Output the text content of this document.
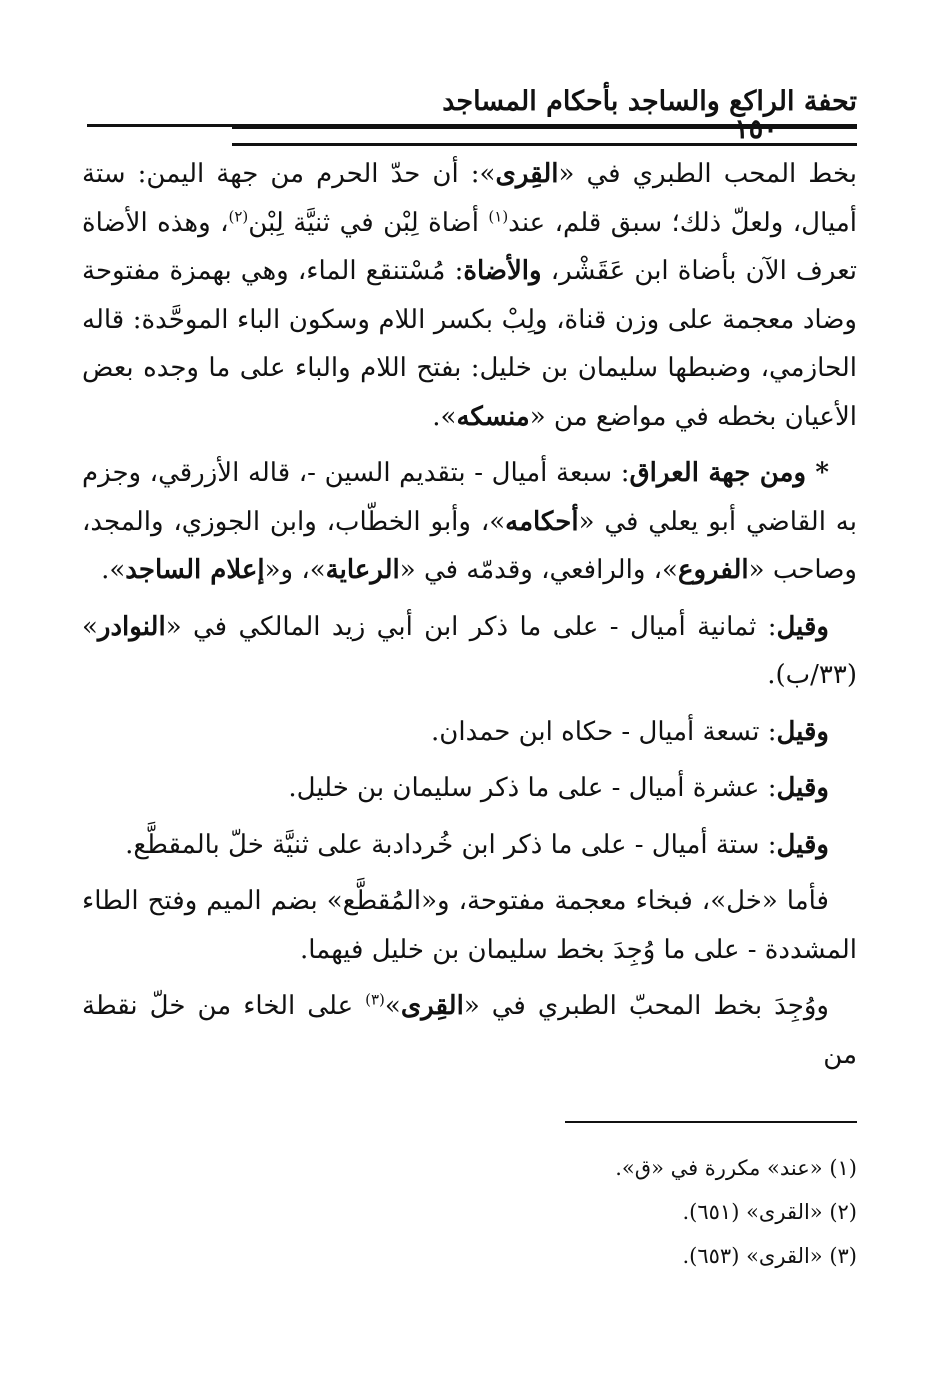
تحفة الراكع والساجد بأحكام المساجد
١٥٠

بخط المحب الطبري في «القِرى»: أن حدّ الحرم من جهة اليمن: ستة أميال، ولعلّ ذلك؛ سبق قلم، عند$^{(١)}$ أضاة لِبْن في ثنيَّة لِبْن$^{(٢)}$، وهذه الأضاة تعرف الآن بأضاة ابن عَقَشْر، والأضاة: مُسْتنقع الماء، وهي بهمزة مفتوحة وضاد معجمة على وزن قناة، ولِبْ بكسر اللام وسكون الباء الموحَّدة: قاله الحازمي، وضبطها سليمان بن خليل: بفتح اللام والباء على ما وجده بعض الأعيان بخطه في مواضع من «منسكه».

* ومن جهة العراق: سبعة أميال - بتقديم السين -، قاله الأزرقي، وجزم به القاضي أبو يعلي في «أحكامه»، وأبو الخطّاب، وابن الجوزي، والمجد، وصاحب «الفروع»، والرافعي، وقدمّه في «الرعاية»، و«إعلام الساجد».

وقيل: ثمانية أميال - على ما ذكر ابن أبي زيد المالكي في «النوادر» (٣٣/ب).

وقيل: تسعة أميال - حكاه ابن حمدان.

وقيل: عشرة أميال - على ما ذكر سليمان بن خليل.

وقيل: ستة أميال - على ما ذكر ابن خُردادبة على ثنيَّة خلّ بالمقطَّع.

فأما «خل»، فبخاء معجمة مفتوحة، و«المُقطَّع» بضم الميم وفتح الطاء المشددة - على ما وُجِدَ بخط سليمان بن خليل فيهما.

ووُجِدَ بخط المحبّ الطبري في «القِرى»$^{(٣)}$ على الخاء من خلّ نقطة من

(١) «عند» مكررة في «ق».
(٢) «القرى» (٦٥١).
(٣) «القرى» (٦٥٣).
